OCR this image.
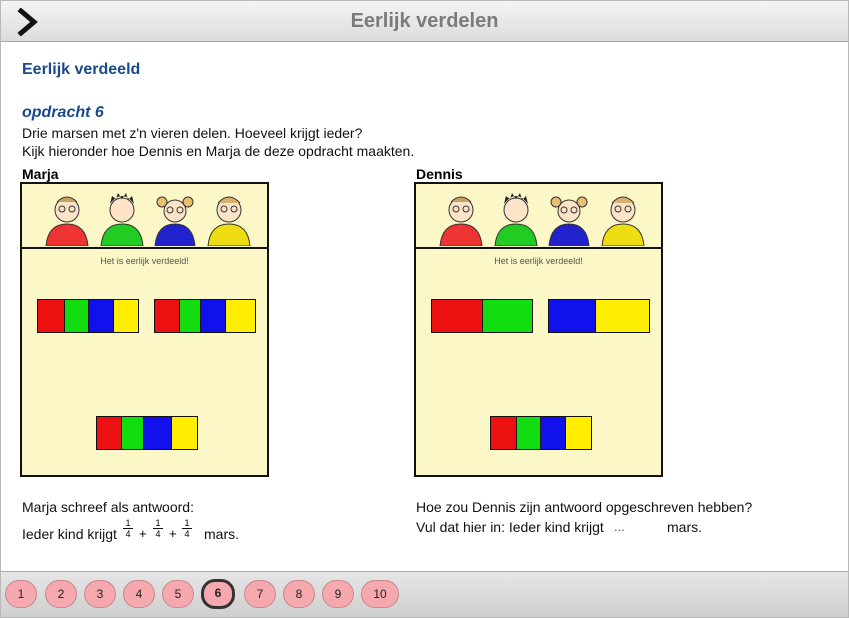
Eerlijk verdelen
Eerlijk verdeeld
opdracht 6
Drie marsen met z'n vieren delen. Hoeveel krijgt ieder?
Kijk hieronder hoe Dennis en Marja de deze opdracht maakten.
Marja	Dennis
Het is eerlijk verdeeld!	Het is eerlijk verdeeld!
Marja schreef als antwoord:
Ieder kind krijgt $\frac{1}{4} + \frac{1}{4} + \frac{1}{4}$ mars.
Hoe zou Dennis zijn antwoord opgeschreven hebben?
Vul dat hier in: Ieder kind krijgt
...	mars.
1	2	3	4	5	6	7	8	9	10
